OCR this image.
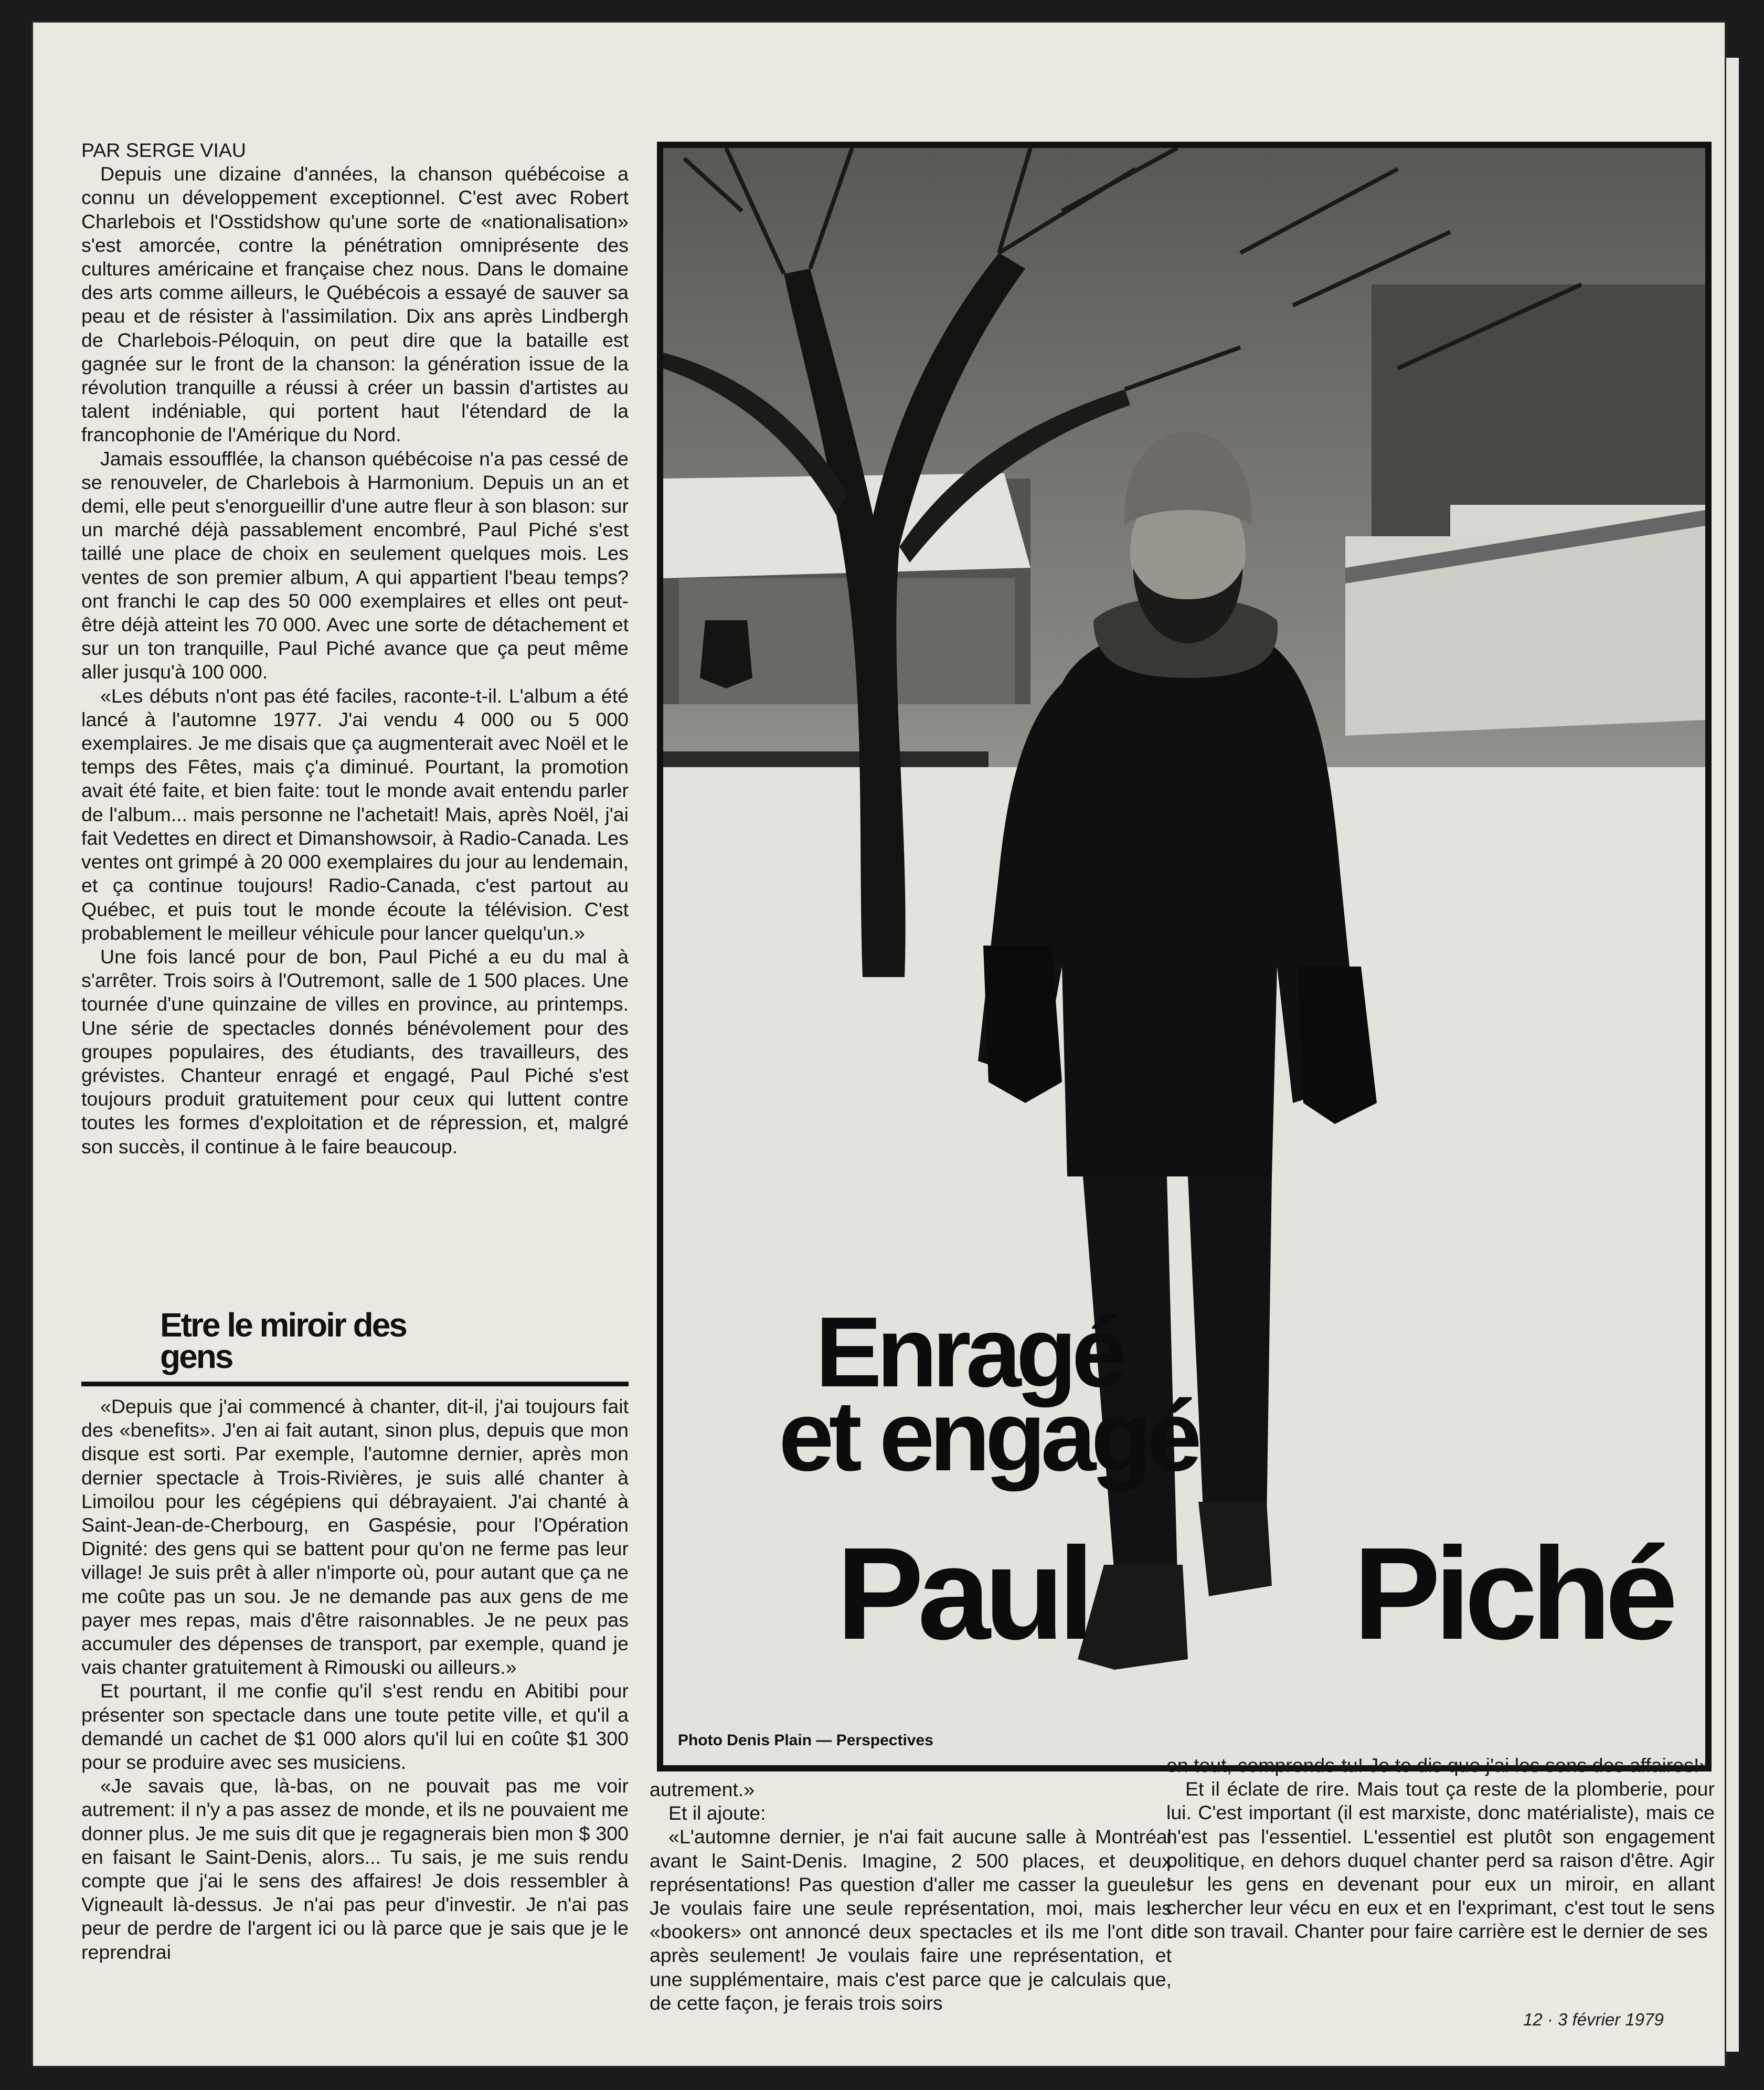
PAR SERGE VIAU

Depuis une dizaine d'années, la chanson québécoise a connu un développement exceptionnel. C'est avec Robert Charlebois et l'Osstidshow qu'une sorte de «nationalisation» s'est amorcée, contre la pénétration omniprésente des cultures américaine et française chez nous. Dans le domaine des arts comme ailleurs, le Québécois a essayé de sauver sa peau et de résister à l'assimilation. Dix ans après Lindbergh de Charlebois-Péloquin, on peut dire que la bataille est gagnée sur le front de la chanson: la génération issue de la révolution tranquille a réussi à créer un bassin d'artistes au talent indéniable, qui portent haut l'étendard de la francophonie de l'Amérique du Nord.

Jamais essoufflée, la chanson québécoise n'a pas cessé de se renouveler, de Charlebois à Harmonium. Depuis un an et demi, elle peut s'enorgueillir d'une autre fleur à son blason: sur un marché déjà passablement encombré, Paul Piché s'est taillé une place de choix en seulement quelques mois. Les ventes de son premier album, A qui appartient l'beau temps? ont franchi le cap des 50 000 exemplaires et elles ont peut-être déjà atteint les 70 000. Avec une sorte de détachement et sur un ton tranquille, Paul Piché avance que ça peut même aller jusqu'à 100 000.

«Les débuts n'ont pas été faciles, raconte-t-il. L'album a été lancé à l'automne 1977. J'ai vendu 4 000 ou 5 000 exemplaires. Je me disais que ça augmenterait avec Noël et le temps des Fêtes, mais ç'a diminué. Pourtant, la promotion avait été faite, et bien faite: tout le monde avait entendu parler de l'album... mais personne ne l'achetait! Mais, après Noël, j'ai fait Vedettes en direct et Dimanshowsoir, à Radio-Canada. Les ventes ont grimpé à 20 000 exemplaires du jour au lendemain, et ça continue toujours! Radio-Canada, c'est partout au Québec, et puis tout le monde écoute la télévision. C'est probablement le meilleur véhicule pour lancer quelqu'un.»

Une fois lancé pour de bon, Paul Piché a eu du mal à s'arrêter. Trois soirs à l'Outremont, salle de 1 500 places. Une tournée d'une quinzaine de villes en province, au printemps. Une série de spectacles donnés bénévolement pour des groupes populaires, des étudiants, des travailleurs, des grévistes. Chanteur enragé et engagé, Paul Piché s'est toujours produit gratuitement pour ceux qui luttent contre toutes les formes d'exploitation et de répression, et, malgré son succès, il continue à le faire beaucoup.

Etre le miroir des gens

«Depuis que j'ai commencé à chanter, dit-il, j'ai toujours fait des «benefits». J'en ai fait autant, sinon plus, depuis que mon disque est sorti. Par exemple, l'automne dernier, après mon dernier spectacle à Trois-Rivières, je suis allé chanter à Limoilou pour les cégépiens qui débrayaient. J'ai chanté à Saint-Jean-de-Cherbourg, en Gaspésie, pour l'Opération Dignité: des gens qui se battent pour qu'on ne ferme pas leur village! Je suis prêt à aller n'importe où, pour autant que ça ne me coûte pas un sou. Je ne demande pas aux gens de me payer mes repas, mais d'être raisonnables. Je ne peux pas accumuler des dépenses de transport, par exemple, quand je vais chanter gratuitement à Rimouski ou ailleurs.»

Et pourtant, il me confie qu'il s'est rendu en Abitibi pour présenter son spectacle dans une toute petite ville, et qu'il a demandé un cachet de $1 000 alors qu'il lui en coûte $1 300 pour se produire avec ses musiciens.

«Je savais que, là-bas, on ne pouvait pas me voir autrement: il n'y a pas assez de monde, et ils ne pouvaient me donner plus. Je me suis dit que je regagnerais bien mon $ 300 en faisant le Saint-Denis, alors... Tu sais, je me suis rendu compte que j'ai le sens des affaires! Je dois ressembler à Vigneault là-dessus. Je n'ai pas peur d'investir. Je n'ai pas peur de perdre de l'argent ici ou là parce que je sais que je le reprendrai

Enragé
et engagé
Paul Piché
Photo Denis Plain — Perspectives

autrement.»

Et il ajoute:

«L'automne dernier, je n'ai fait aucune salle à Montréal avant le Saint-Denis. Imagine, 2 500 places, et deux représentations! Pas question d'aller me casser la gueule! Je voulais faire une seule représentation, moi, mais les «bookers» ont annoncé deux spectacles et ils me l'ont dit après seulement! Je voulais faire une représentation, et une supplémentaire, mais c'est parce que je calculais que, de cette façon, je ferais trois soirs

en tout, comprends-tu! Je te dis que j'ai les sens des affaires!»

Et il éclate de rire. Mais tout ça reste de la plomberie, pour lui. C'est important (il est marxiste, donc matérialiste), mais ce n'est pas l'essentiel. L'essentiel est plutôt son engagement politique, en dehors duquel chanter perd sa raison d'être. Agir sur les gens en devenant pour eux un miroir, en allant chercher leur vécu en eux et en l'exprimant, c'est tout le sens de son travail. Chanter pour faire carrière est le dernier de ses

12 · 3 février 1979
3 février 1979 · 15
